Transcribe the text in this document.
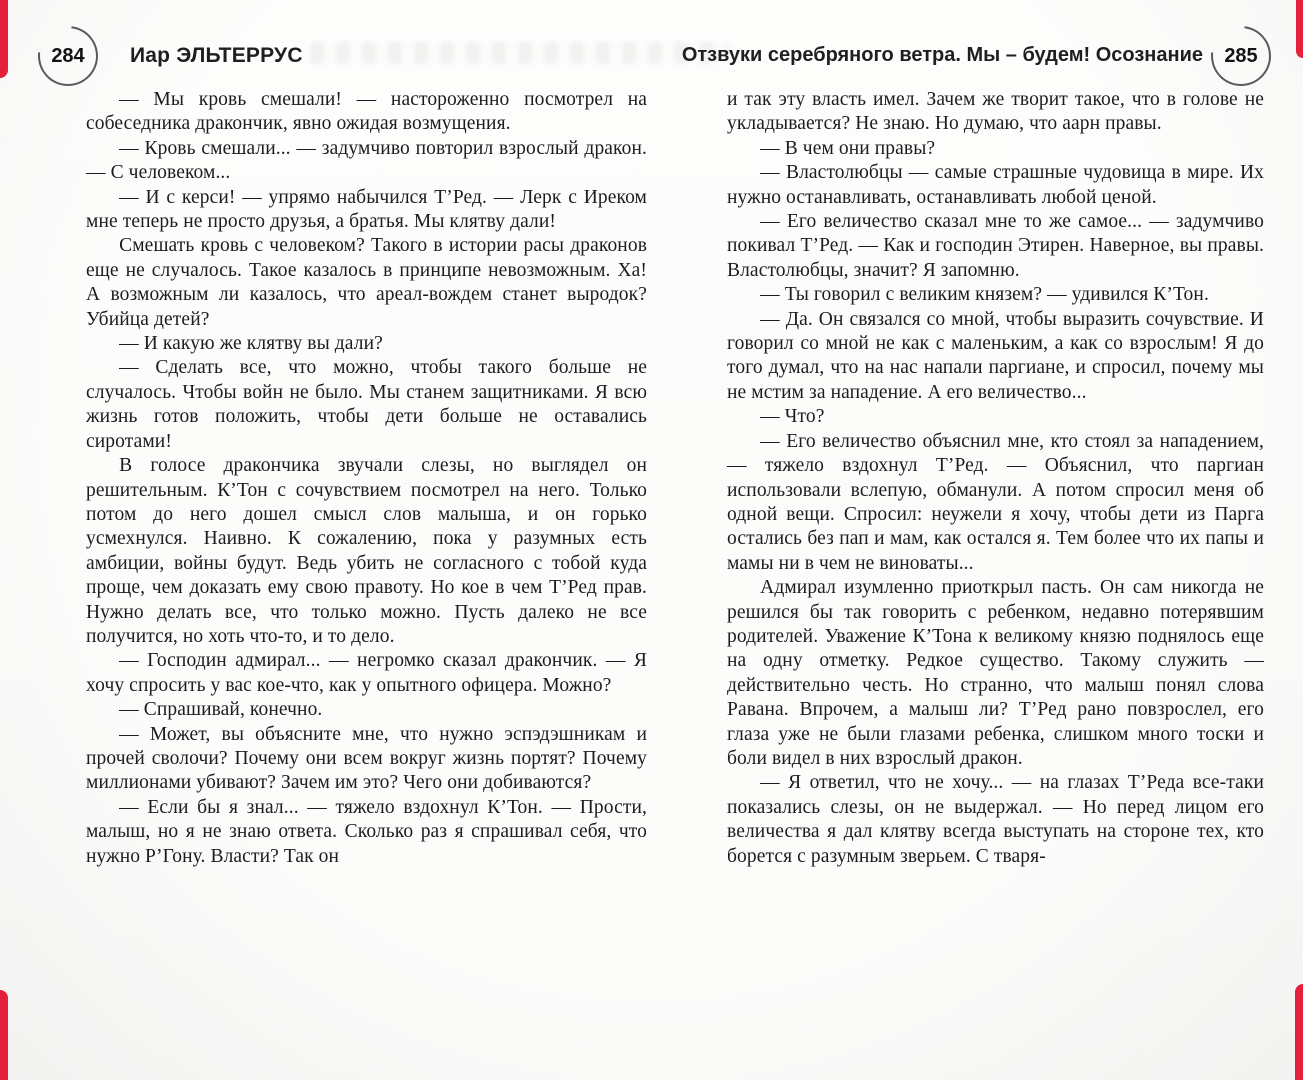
284	Иар ЭЛЬТЕРРУС	Отзвуки серебряного ветра. Мы – будем! Осознание	285

— Мы кровь смешали! — настороженно посмотрел на собеседника дракончик, явно ожидая возмущения.

— Кровь смешали... — задумчиво повторил взрослый дракон. — С человеком...

— И с керси! — упрямо набычился Т’Ред. — Лерк с Иреком мне теперь не просто друзья, а братья. Мы клятву дали!

Смешать кровь с человеком? Такого в истории расы драконов еще не случалось. Такое казалось в принципе невозможным. Ха! А возможным ли казалось, что ареал-вождем станет выродок? Убийца детей?

— И какую же клятву вы дали?

— Сделать все, что можно, чтобы такого больше не случалось. Чтобы войн не было. Мы станем защитниками. Я всю жизнь готов положить, чтобы дети больше не оставались сиротами!

В голосе дракончика звучали слезы, но выглядел он решительным. К’Тон с сочувствием посмотрел на него. Только потом до него дошел смысл слов малыша, и он горько усмехнулся. Наивно. К сожалению, пока у разумных есть амбиции, войны будут. Ведь убить не согласного с тобой куда проще, чем доказать ему свою правоту. Но кое в чем Т’Ред прав. Нужно делать все, что только можно. Пусть далеко не все получится, но хоть что-то, и то дело.

— Господин адмирал... — негромко сказал дракончик. — Я хочу спросить у вас кое-что, как у опытного офицера. Можно?

— Спрашивай, конечно.

— Может, вы объясните мне, что нужно эспэдэшникам и прочей сволочи? Почему они всем вокруг жизнь портят? Почему миллионами убивают? Зачем им это? Чего они добиваются?

— Если бы я знал... — тяжело вздохнул К’Тон. — Прости, малыш, но я не знаю ответа. Сколько раз я спрашивал себя, что нужно Р’Гону. Власти? Так он

и так эту власть имел. Зачем же творит такое, что в голове не укладывается? Не знаю. Но думаю, что аарн правы.

— В чем они правы?

— Властолюбцы — самые страшные чудовища в мире. Их нужно останавливать, останавливать любой ценой.

— Его величество сказал мне то же самое... — задумчиво покивал Т’Ред. — Как и господин Этирен. Наверное, вы правы. Властолюбцы, значит? Я запомню.

— Ты говорил с великим князем? — удивился К’Тон.

— Да. Он связался со мной, чтобы выразить сочувствие. И говорил со мной не как с маленьким, а как со взрослым! Я до того думал, что на нас напали паргиане, и спросил, почему мы не мстим за нападение. А его величество...

— Что?

— Его величество объяснил мне, кто стоял за нападением, — тяжело вздохнул Т’Ред. — Объяснил, что паргиан использовали вслепую, обманули. А потом спросил меня об одной вещи. Спросил: неужели я хочу, чтобы дети из Парга остались без пап и мам, как остался я. Тем более что их папы и мамы ни в чем не виноваты...

Адмирал изумленно приоткрыл пасть. Он сам никогда не решился бы так говорить с ребенком, недавно потерявшим родителей. Уважение К’Тона к великому князю поднялось еще на одну отметку. Редкое существо. Такому служить — действительно честь. Но странно, что малыш понял слова Равана. Впрочем, а малыш ли? Т’Ред рано повзрослел, его глаза уже не были глазами ребенка, слишком много тоски и боли видел в них взрослый дракон.

— Я ответил, что не хочу... — на глазах Т’Реда все-таки показались слезы, он не выдержал. — Но перед лицом его величества я дал клятву всегда выступать на стороне тех, кто борется с разумным зверьем. С тваря-
